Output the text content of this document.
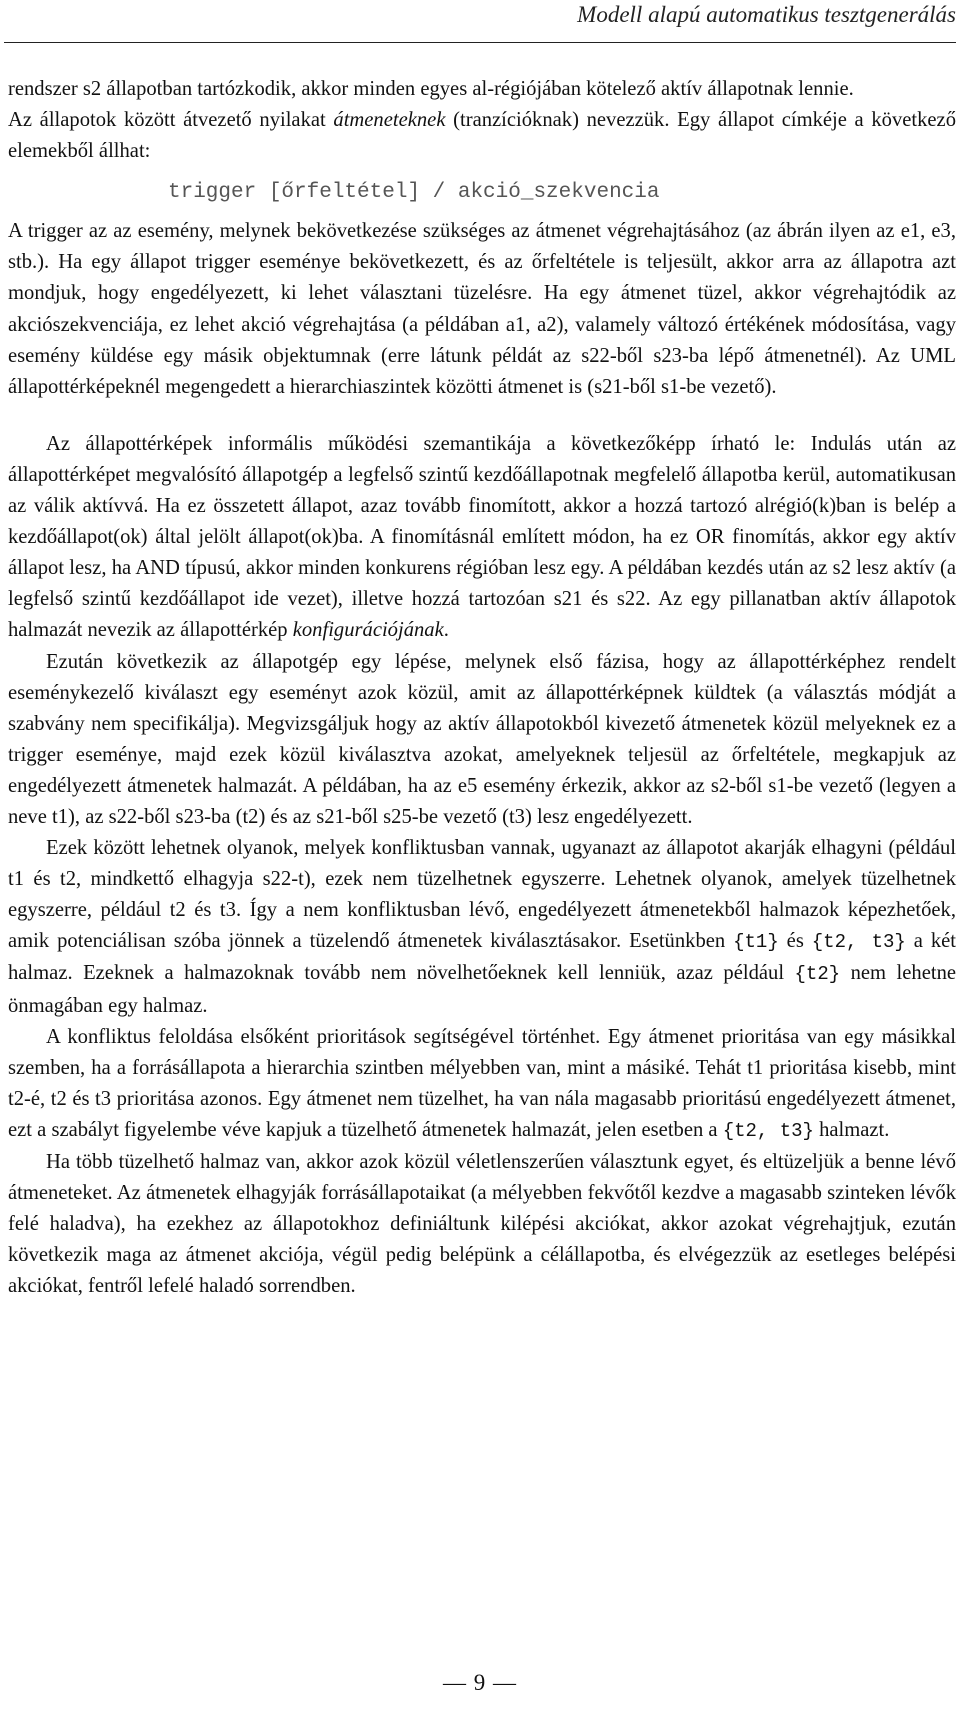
Modell alapú automatikus tesztgenerálás

rendszer s2 állapotban tartózkodik, akkor minden egyes al-régiójában kötelező aktív állapotnak lennie.

Az állapotok között átvezető nyilakat átmeneteknek (tranzícióknak) nevezzük. Egy állapot címkéje a következő elemekből állhat:

trigger [őrfeltétel] / akció_szekvencia

A trigger az az esemény, melynek bekövetkezése szükséges az átmenet végrehajtásához (az ábrán ilyen az e1, e3, stb.). Ha egy állapot trigger eseménye bekövetkezett, és az őrfeltétele is teljesült, akkor arra az állapotra azt mondjuk, hogy engedélyezett, ki lehet választani tüzelésre. Ha egy átmenet tüzel, akkor végrehajtódik az akciószekvenciája, ez lehet akció végrehajtása (a példában a1, a2), valamely változó értékének módosítása, vagy esemény küldése egy másik objektumnak (erre látunk példát az s22-ből s23-ba lépő átmenetnél). Az UML állapottérképeknél megengedett a hierarchiaszintek közötti átmenet is (s21-ből s1-be vezető).

Az állapottérképek informális működési szemantikája a következőképp írható le: Indulás után az állapottérképet megvalósító állapotgép a legfelső szintű kezdőállapotnak megfelelő állapotba kerül, automatikusan az válik aktívvá. Ha ez összetett állapot, azaz tovább finomított, akkor a hozzá tartozó alrégió(k)ban is belép a kezdőállapot(ok) által jelölt állapot(ok)ba. A finomításnál említett módon, ha ez OR finomítás, akkor egy aktív állapot lesz, ha AND típusú, akkor minden konkurens régióban lesz egy. A példában kezdés után az s2 lesz aktív (a legfelső szintű kezdőállapot ide vezet), illetve hozzá tartozóan s21 és s22. Az egy pillanatban aktív állapotok halmazát nevezik az állapottérkép konfigurációjának.

Ezután következik az állapotgép egy lépése, melynek első fázisa, hogy az állapottérképhez rendelt eseménykezelő kiválaszt egy eseményt azok közül, amit az állapottérképnek küldtek (a választás módját a szabvány nem specifikálja). Megvizsgáljuk hogy az aktív állapotokból kivezető átmenetek közül melyeknek ez a trigger eseménye, majd ezek közül kiválasztva azokat, amelyeknek teljesül az őrfeltétele, megkapjuk az engedélyezett átmenetek halmazát. A példában, ha az e5 esemény érkezik, akkor az s2-ből s1-be vezető (legyen a neve t1), az s22-ből s23-ba (t2) és az s21-ből s25-be vezető (t3) lesz engedélyezett.

Ezek között lehetnek olyanok, melyek konfliktusban vannak, ugyanazt az állapotot akarják elhagyni (például t1 és t2, mindkettő elhagyja s22-t), ezek nem tüzelhetnek egyszerre. Lehetnek olyanok, amelyek tüzelhetnek egyszerre, például t2 és t3. Így a nem konfliktusban lévő, engedélyezett átmenetekből halmazok képezhetőek, amik potenciálisan szóba jönnek a tüzelendő átmenetek kiválasztásakor. Esetünkben {t1} és {t2, t3} a két halmaz. Ezeknek a halmazoknak tovább nem növelhetőeknek kell lenniük, azaz például {t2} nem lehetne önmagában egy halmaz.

A konfliktus feloldása elsőként prioritások segítségével történhet. Egy átmenet prioritása van egy másikkal szemben, ha a forrásállapota a hierarchia szintben mélyebben van, mint a másiké. Tehát t1 prioritása kisebb, mint t2-é, t2 és t3 prioritása azonos. Egy átmenet nem tüzelhet, ha van nála magasabb prioritású engedélyezett átmenet, ezt a szabályt figyelembe véve kapjuk a tüzelhető átmenetek halmazát, jelen esetben a {t2, t3} halmazt.

Ha több tüzelhető halmaz van, akkor azok közül véletlenszerűen választunk egyet, és eltüzeljük a benne lévő átmeneteket. Az átmenetek elhagyják forrásállapotaikat (a mélyebben fekvőtől kezdve a magasabb szinteken lévők felé haladva), ha ezekhez az állapotokhoz definiáltunk kilépési akciókat, akkor azokat végrehajtjuk, ezután következik maga az átmenet akciója, végül pedig belépünk a célállapotba, és elvégezzük az esetleges belépési akciókat, fentről lefelé haladó sorrendben.

— 9 —
